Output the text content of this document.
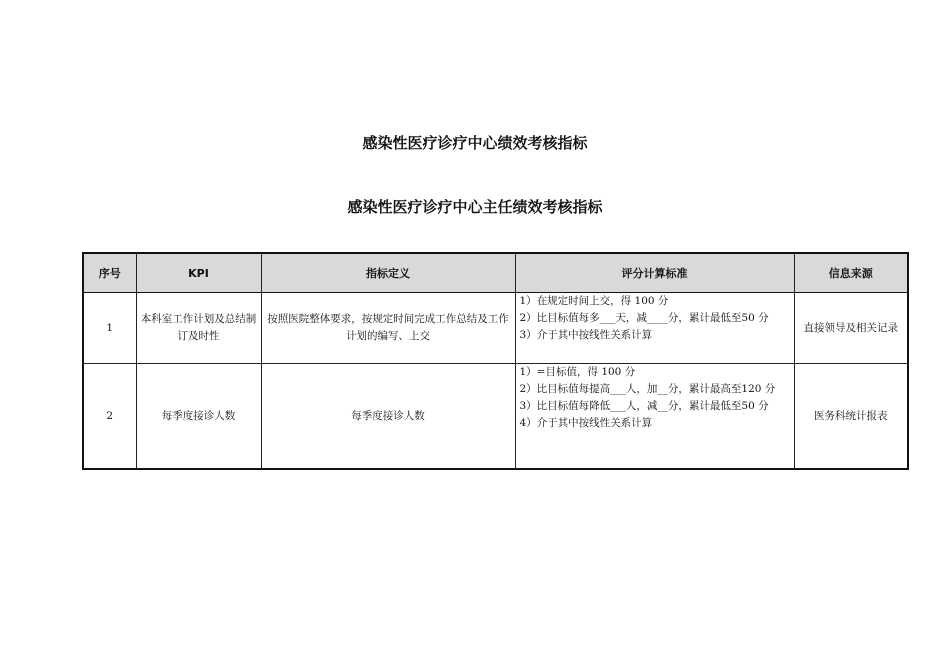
感染性医疗诊疗中心绩效考核指标
感染性医疗诊疗中心主任绩效考核指标
序号	KPI	指标定义	评分计算标准	信息来源
1	本科室工作计划及总结制订及时性	按照医院整体要求，按规定时间完成工作总结及工作计划的编写、上交	1）在规定时间上交，得 100 分
2）比目标值每多___天，减____分，累计最低至50 分
3）介于其中按线性关系计算	直接领导及相关记录
2	每季度接诊人数	每季度接诊人数	1）=目标值，得 100 分
2）比目标值每提高___人，加__分，累计最高至120 分
3）比目标值每降低___人，减__分，累计最低至50 分
4）介于其中按线性关系计算	医务科统计报表
